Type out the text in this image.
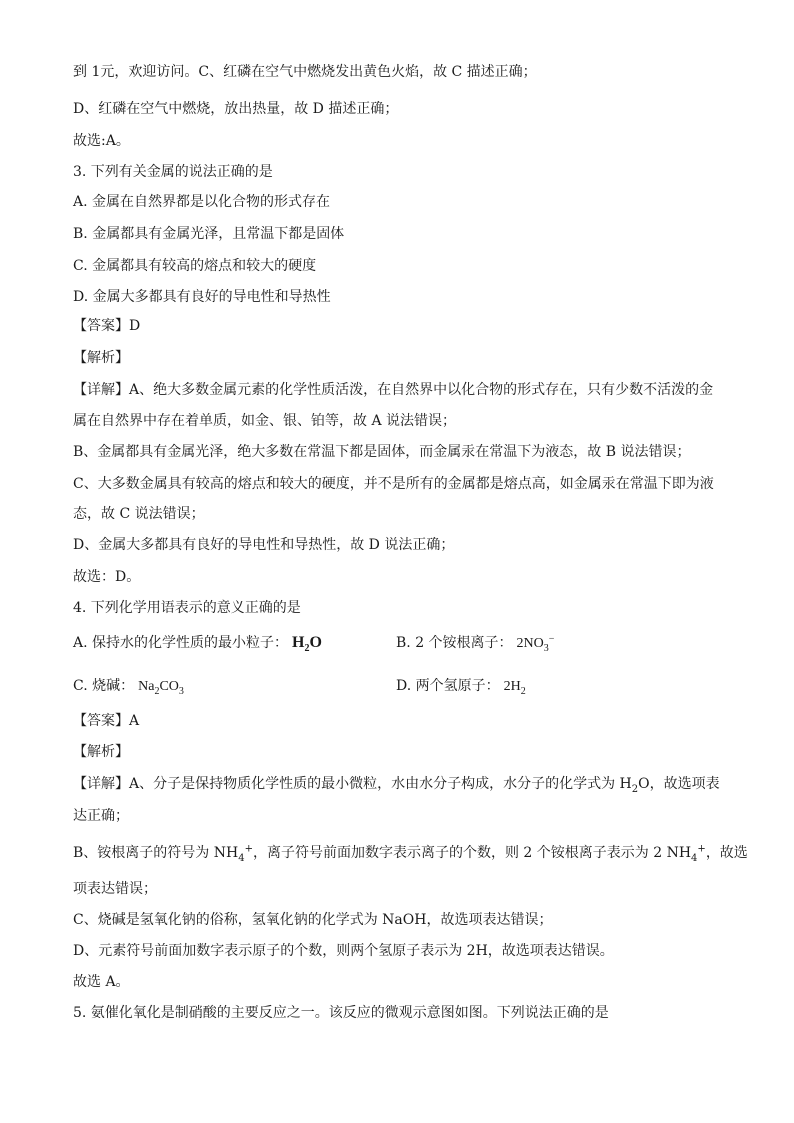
到 1元，欢迎访问。C、红磷在空气中燃烧发出黄色火焰，故 C 描述正确；
D、红磷在空气中燃烧，放出热量，故 D 描述正确；
故选:A。
3. 下列有关金属的说法正确的是
A. 金属在自然界都是以化合物的形式存在
B. 金属都具有金属光泽，且常温下都是固体
C. 金属都具有较高的熔点和较大的硬度
D. 金属大多都具有良好的导电性和导热性
【答案】D
【解析】
【详解】A、绝大多数金属元素的化学性质活泼，在自然界中以化合物的形式存在，只有少数不活泼的金
属在自然界中存在着单质，如金、银、铂等，故 A 说法错误；
B、金属都具有金属光泽，绝大多数在常温下都是固体，而金属汞在常温下为液态，故 B 说法错误；
C、大多数金属具有较高的熔点和较大的硬度，并不是所有的金属都是熔点高，如金属汞在常温下即为液
态，故 C 说法错误；
D、金属大多都具有良好的导电性和导热性，故 D 说法正确；
故选：D。
4. 下列化学用语表示的意义正确的是
A. 保持水的化学性质的最小粒子： $H_2O$	B. 2 个铵根离子： $2NO_3^-$
C. 烧碱： $Na_2CO_3$	D. 两个氢原子： $2H_2$
【答案】A
【解析】
【详解】A、分子是保持物质化学性质的最小微粒，水由水分子构成，水分子的化学式为 $H_2O$，故选项表
达正确；
B、铵根离子的符号为 $NH_4^+$，离子符号前面加数字表示离子的个数，则 2 个铵根离子表示为 2 $NH_4^+$，故选
项表达错误；
C、烧碱是氢氧化钠的俗称，氢氧化钠的化学式为 NaOH，故选项表达错误；
D、元素符号前面加数字表示原子的个数，则两个氢原子表示为 2H，故选项表达错误。
故选 A。
5. 氨催化氧化是制硝酸的主要反应之一。该反应的微观示意图如图。下列说法正确的是
